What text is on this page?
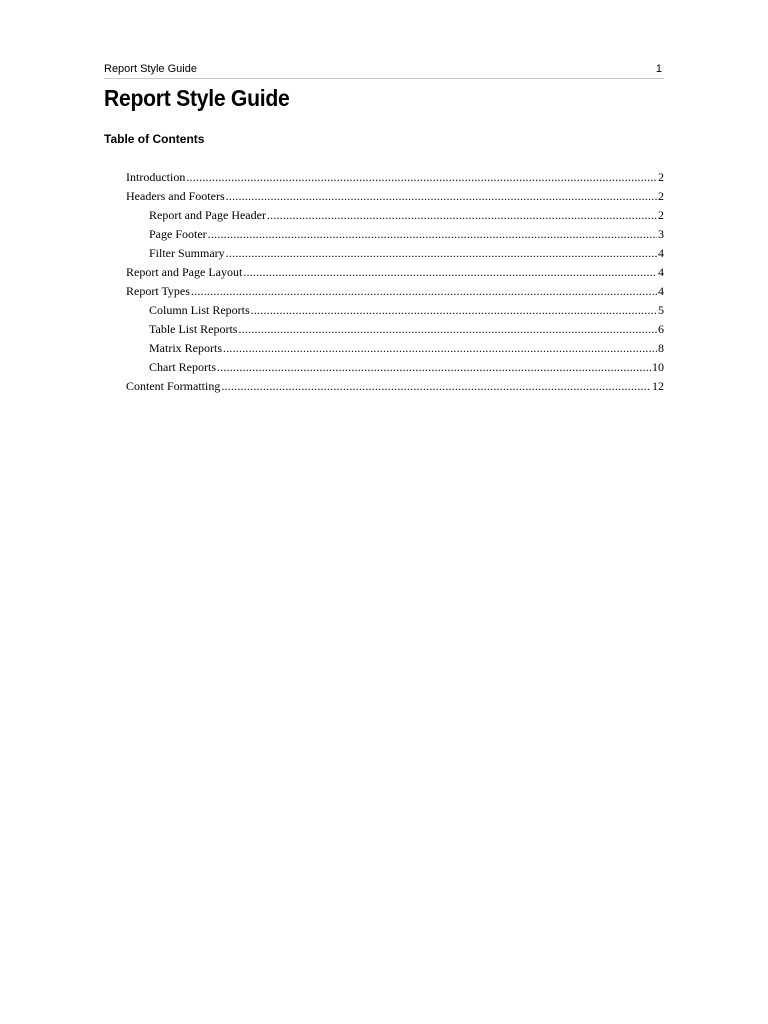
Report Style Guide	1
Report Style Guide
Table of Contents
Introduction .....	2
Headers and Footers .....	2
Report and Page Header .....	2
Page Footer .....	3
Filter Summary .....	4
Report and Page Layout .....	4
Report Types .....	4
Column List Reports .....	5
Table List Reports .....	6
Matrix Reports .....	8
Chart Reports .....	10
Content Formatting .....	12
